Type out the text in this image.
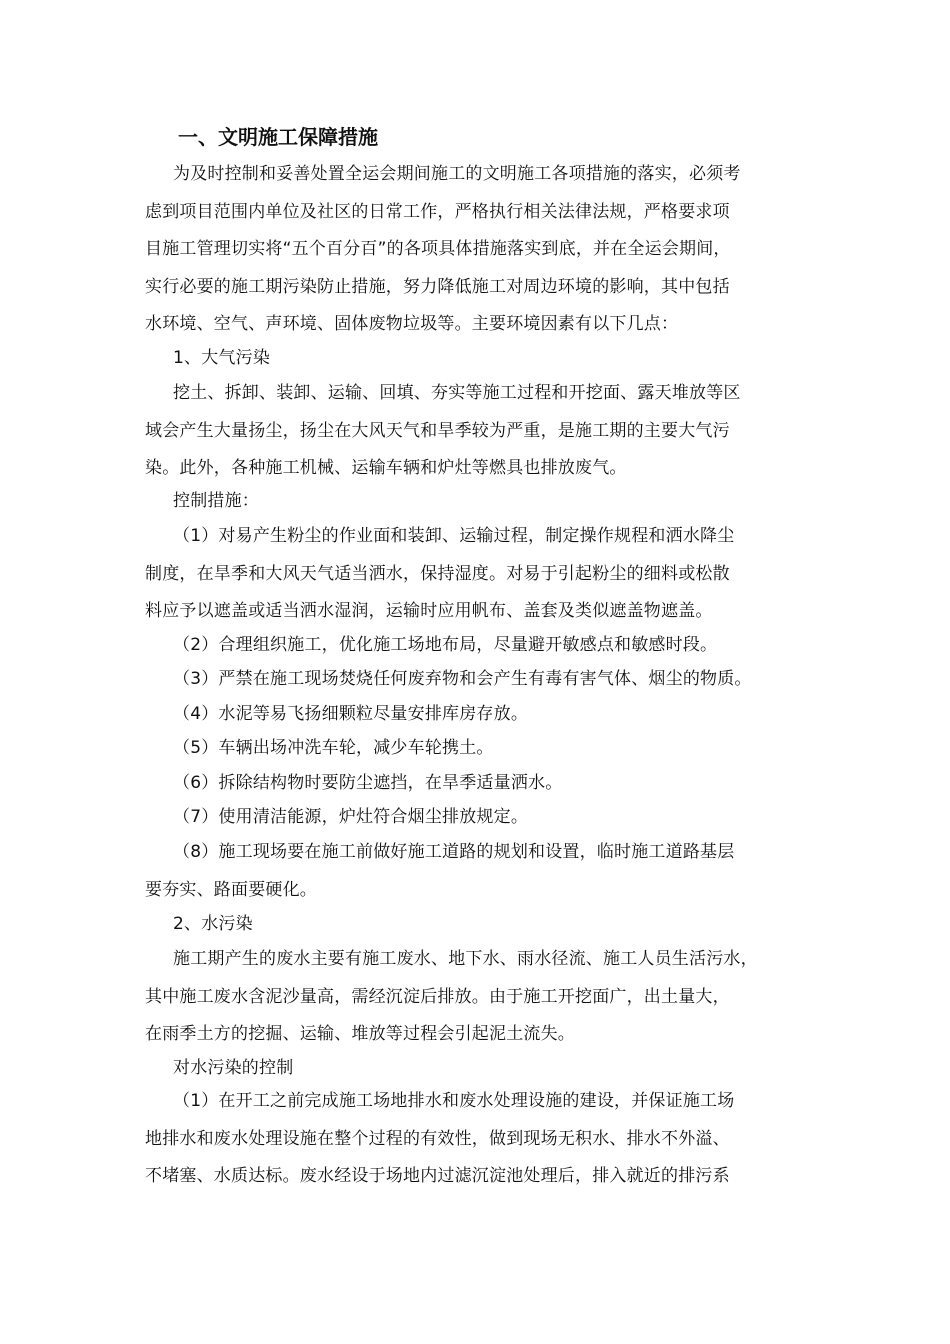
一、文明施工保障措施
为及时控制和妥善处置全运会期间施工的文明施工各项措施的落实，必须考
虑到项目范围内单位及社区的日常工作，严格执行相关法律法规，严格要求项
目施工管理切实将“五个百分百”的各项具体措施落实到底，并在全运会期间，
实行必要的施工期污染防止措施，努力降低施工对周边环境的影响，其中包括
水环境、空气、声环境、固体废物垃圾等。主要环境因素有以下几点：
1、大气污染
挖土、拆卸、装卸、运输、回填、夯实等施工过程和开挖面、露天堆放等区
域会产生大量扬尘，扬尘在大风天气和旱季较为严重，是施工期的主要大气污
染。此外，各种施工机械、运输车辆和炉灶等燃具也排放废气。
控制措施：
（1）对易产生粉尘的作业面和装卸、运输过程，制定操作规程和洒水降尘
制度，在旱季和大风天气适当洒水，保持湿度。对易于引起粉尘的细料或松散
料应予以遮盖或适当洒水湿润，运输时应用帆布、盖套及类似遮盖物遮盖。
（2）合理组织施工，优化施工场地布局，尽量避开敏感点和敏感时段。
（3）严禁在施工现场焚烧任何废弃物和会产生有毒有害气体、烟尘的物质。
（4）水泥等易飞扬细颗粒尽量安排库房存放。
（5）车辆出场冲洗车轮，减少车轮携土。
（6）拆除结构物时要防尘遮挡，在旱季适量洒水。
（7）使用清洁能源，炉灶符合烟尘排放规定。
（8）施工现场要在施工前做好施工道路的规划和设置，临时施工道路基层
要夯实、路面要硬化。
2、水污染
施工期产生的废水主要有施工废水、地下水、雨水径流、施工人员生活污水，
其中施工废水含泥沙量高，需经沉淀后排放。由于施工开挖面广，出土量大，
在雨季土方的挖掘、运输、堆放等过程会引起泥土流失。
对水污染的控制
（1）在开工之前完成施工场地排水和废水处理设施的建设，并保证施工场
地排水和废水处理设施在整个过程的有效性，做到现场无积水、排水不外溢、
不堵塞、水质达标。废水经设于场地内过滤沉淀池处理后，排入就近的排污系
